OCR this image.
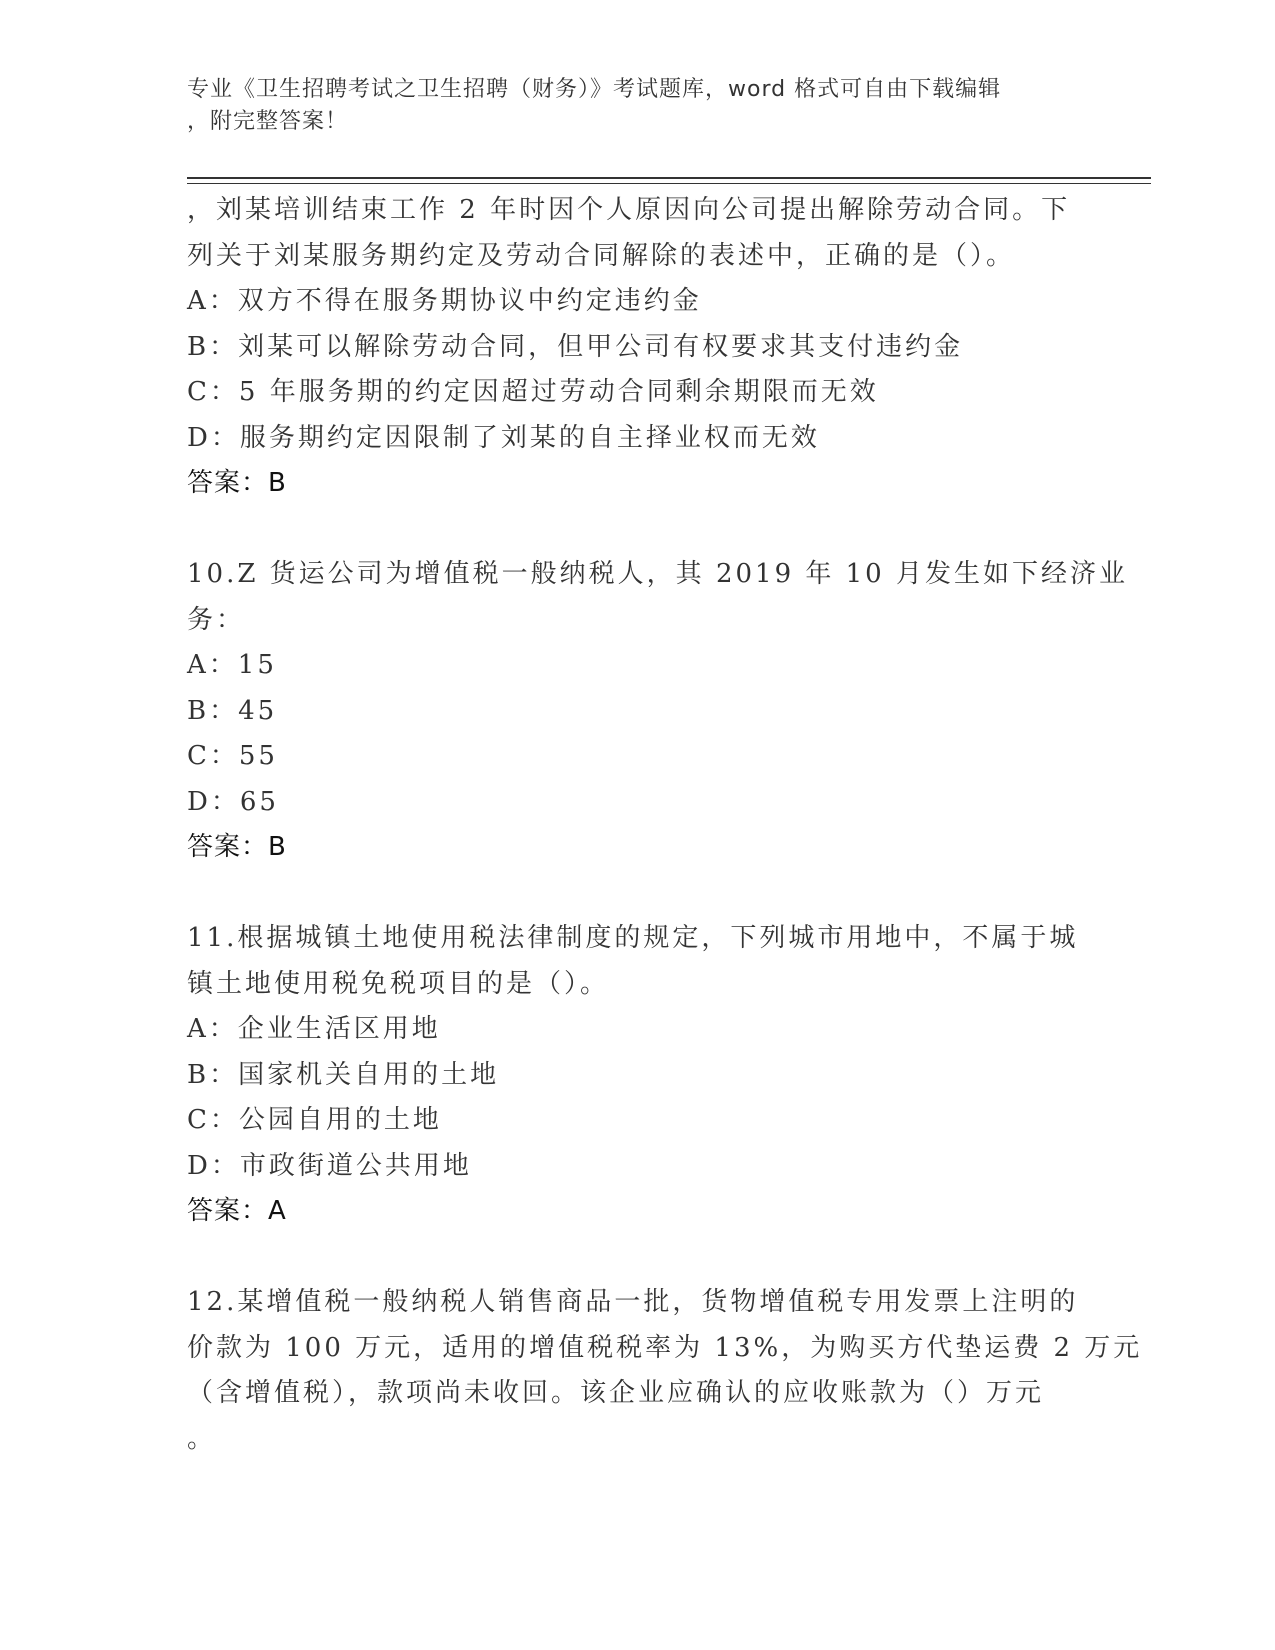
专业《卫生招聘考试之卫生招聘（财务）》考试题库，word 格式可自由下载编辑
，附完整答案！
，刘某培训结束工作 2 年时因个人原因向公司提出解除劳动合同。下
列关于刘某服务期约定及劳动合同解除的表述中，正确的是（）。
A：双方不得在服务期协议中约定违约金
B：刘某可以解除劳动合同，但甲公司有权要求其支付违约金
C：5 年服务期的约定因超过劳动合同剩余期限而无效
D：服务期约定因限制了刘某的自主择业权而无效
答案：B
10.Z 货运公司为增值税一般纳税人，其 2019 年 10 月发生如下经济业
务：
A：15
B：45
C：55
D：65
答案：B
11.根据城镇土地使用税法律制度的规定，下列城市用地中，不属于城
镇土地使用税免税项目的是（）。
A：企业生活区用地
B：国家机关自用的土地
C：公园自用的土地
D：市政街道公共用地
答案：A
12.某增值税一般纳税人销售商品一批，货物增值税专用发票上注明的
价款为 100 万元，适用的增值税税率为 13%，为购买方代垫运费 2 万元
（含增值税），款项尚未收回。该企业应确认的应收账款为（）万元
。
